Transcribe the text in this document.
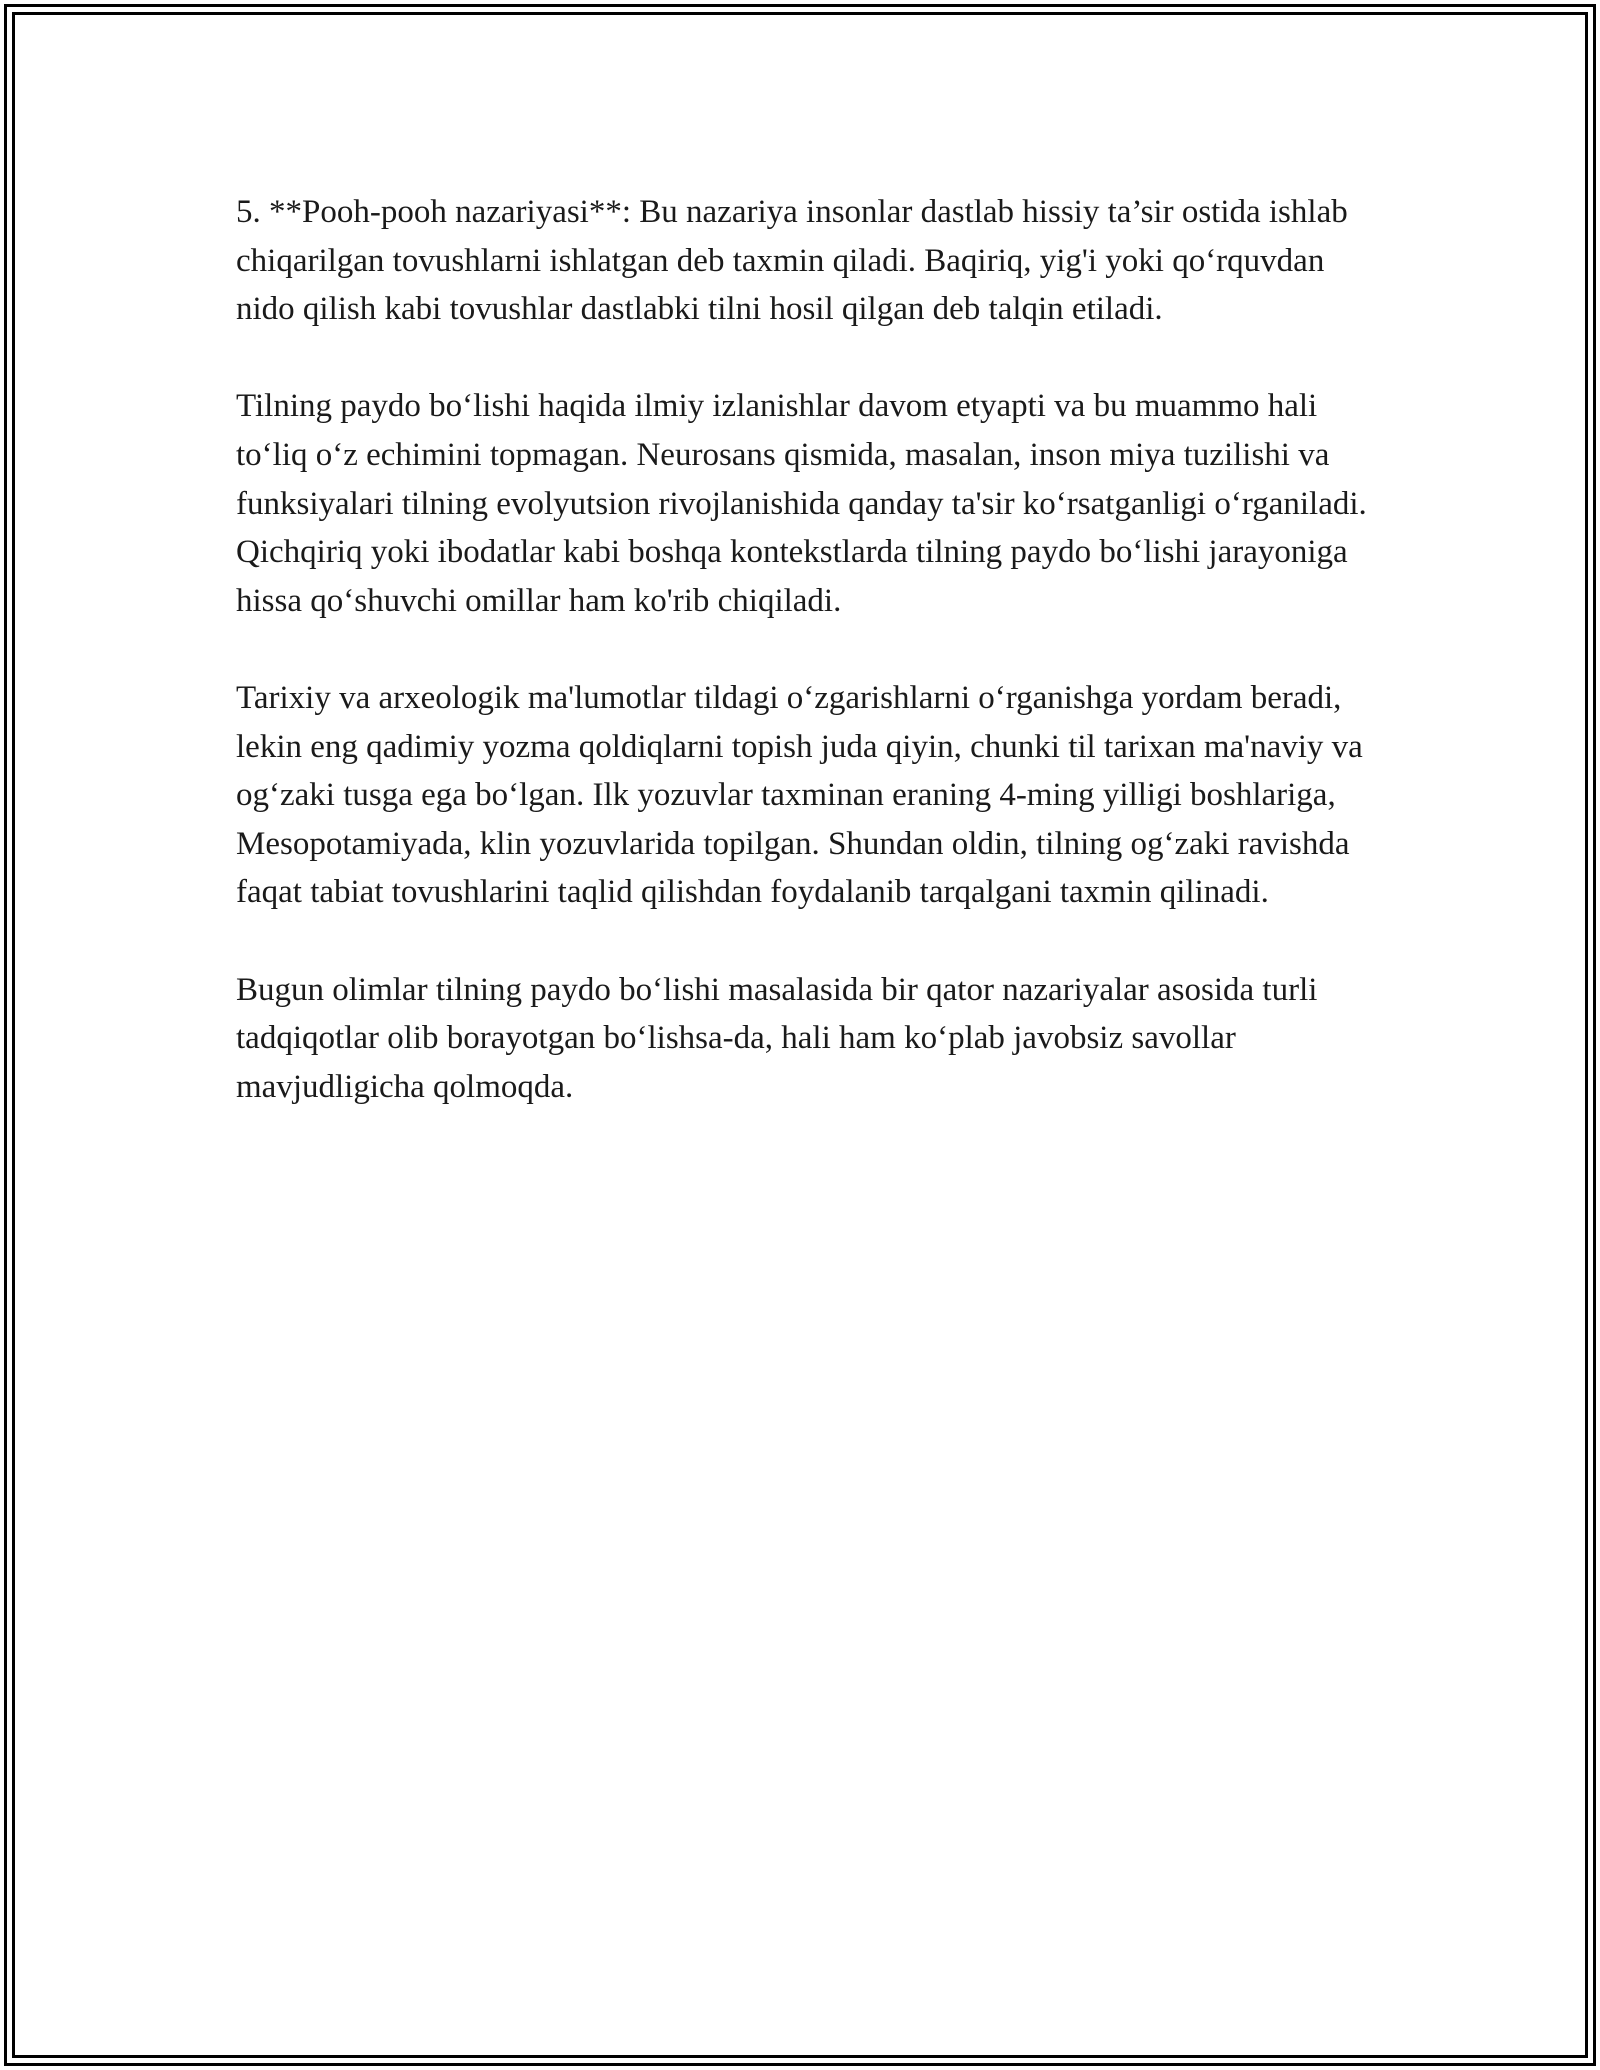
5. **Pooh-pooh nazariyasi**: Bu nazariya insonlar dastlab hissiy ta’sir ostida ishlab chiqarilgan tovushlarni ishlatgan deb taxmin qiladi. Baqiriq, yig'i yoki qo‘rquvdan nido qilish kabi tovushlar dastlabki tilni hosil qilgan deb talqin etiladi.

Tilning paydo bo‘lishi haqida ilmiy izlanishlar davom etyapti va bu muammo hali to‘liq o‘z echimini topmagan. Neurosans qismida, masalan, inson miya tuzilishi va funksiyalari tilning evolyutsion rivojlanishida qanday ta'sir ko‘rsatganligi o‘rganiladi. Qichqiriq yoki ibodatlar kabi boshqa kontekstlarda tilning paydo bo‘lishi jarayoniga hissa qo‘shuvchi omillar ham ko'rib chiqiladi.

Tarixiy va arxeologik ma'lumotlar tildagi o‘zgarishlarni o‘rganishga yordam beradi, lekin eng qadimiy yozma qoldiqlarni topish juda qiyin, chunki til tarixan ma'naviy va og‘zaki tusga ega bo‘lgan. Ilk yozuvlar taxminan eraning 4-ming yilligi boshlariga, Mesopotamiyada, klin yozuvlarida topilgan. Shundan oldin, tilning og‘zaki ravishda faqat tabiat tovushlarini taqlid qilishdan foydalanib tarqalgani taxmin qilinadi.

Bugun olimlar tilning paydo bo‘lishi masalasida bir qator nazariyalar asosida turli tadqiqotlar olib borayotgan bo‘lishsa-da, hali ham ko‘plab javobsiz savollar mavjudligicha qolmoqda.
